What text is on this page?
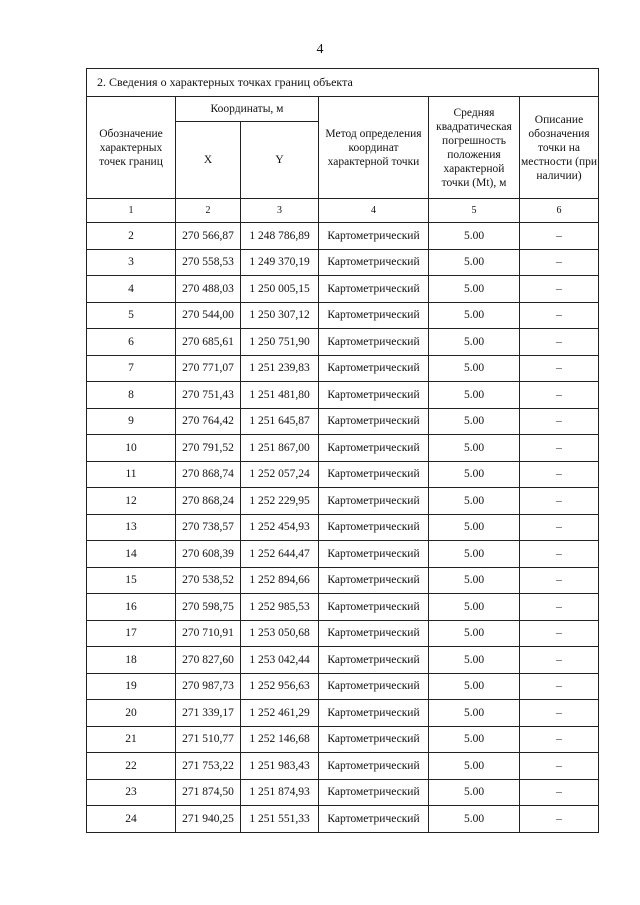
4
2. Сведения о характерных точках границ объекта					
Обозначение характерных точек границ	Координаты, м		Метод определения координат характерной точки	Средняя квадратическая погрешность положения характерной точки (Mt), м	Описание обозначения точки на местности (при наличии)
	X	Y			
1	2	3	4	5	6
2	270 566,87	1 248 786,89	Картометрический	5.00	–
3	270 558,53	1 249 370,19	Картометрический	5.00	–
4	270 488,03	1 250 005,15	Картометрический	5.00	–
5	270 544,00	1 250 307,12	Картометрический	5.00	–
6	270 685,61	1 250 751,90	Картометрический	5.00	–
7	270 771,07	1 251 239,83	Картометрический	5.00	–
8	270 751,43	1 251 481,80	Картометрический	5.00	–
9	270 764,42	1 251 645,87	Картометрический	5.00	–
10	270 791,52	1 251 867,00	Картометрический	5.00	–
11	270 868,74	1 252 057,24	Картометрический	5.00	–
12	270 868,24	1 252 229,95	Картометрический	5.00	–
13	270 738,57	1 252 454,93	Картометрический	5.00	–
14	270 608,39	1 252 644,47	Картометрический	5.00	–
15	270 538,52	1 252 894,66	Картометрический	5.00	–
16	270 598,75	1 252 985,53	Картометрический	5.00	–
17	270 710,91	1 253 050,68	Картометрический	5.00	–
18	270 827,60	1 253 042,44	Картометрический	5.00	–
19	270 987,73	1 252 956,63	Картометрический	5.00	–
20	271 339,17	1 252 461,29	Картометрический	5.00	–
21	271 510,77	1 252 146,68	Картометрический	5.00	–
22	271 753,22	1 251 983,43	Картометрический	5.00	–
23	271 874,50	1 251 874,93	Картометрический	5.00	–
24	271 940,25	1 251 551,33	Картометрический	5.00	–
